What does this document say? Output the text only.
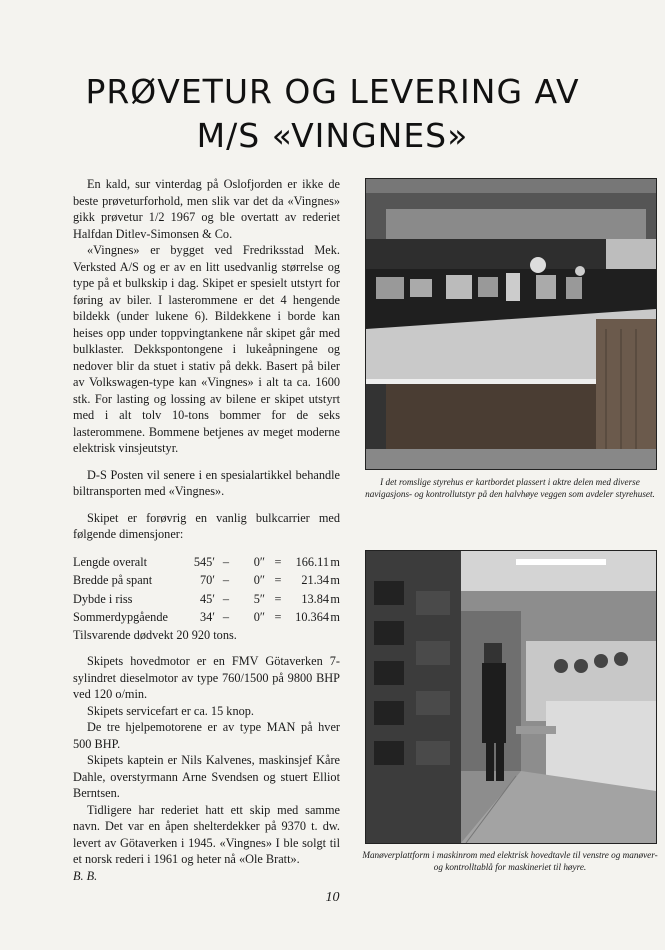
PRØVETUR OG LEVERING AV
M/S «VINGNES»

En kald, sur vinterdag på Oslofjorden er ikke de beste prøveturforhold, men slik var det da «Vingnes» gikk prøvetur 1/2 1967 og ble overtatt av rederiet Halfdan Ditlev-Simonsen & Co.

«Vingnes» er bygget ved Fredriksstad Mek. Verksted A/S og er av en litt usedvanlig størrelse og type på et bulkskip i dag. Skipet er spesielt utstyrt for føring av biler. I lasterommene er det 4 hengende bildekk (under lukene 6). Bildekkene i borde kan heises opp under toppvingtankene når skipet går med bulklaster. Dekkspontongene i lukeåpningene og nedover blir da stuet i stativ på dekk. Basert på biler av Volkswagen-type kan «Vingnes» i alt ta ca. 1600 stk. For lasting og lossing av bilene er skipet utstyrt med i alt tolv 10-tons bommer for de seks lasterommene. Bommene betjenes av meget moderne elektrisk vinsjeutstyr.

D-S Posten vil senere i en spesialartikkel behandle biltransporten med «Vingnes».

Skipet er forøvrig en vanlig bulkcarrier med følgende dimensjoner:

Lengde overalt	545′	–	0″	=	166.11	m
Bredde på spant	70′	–	0″	=	21.34	m
Dybde i riss	45′	–	5″	=	13.84	m
Sommerdypgående	34′	–	0″	=	10.364	m

Tilsvarende dødvekt 20 920 tons.

Skipets hovedmotor er en FMV Götaverken 7-sylindret dieselmotor av type 760/1500 på 9800 BHP ved 120 o/min.

Skipets servicefart er ca. 15 knop.

De tre hjelpemotorene er av type MAN på hver 500 BHP.

Skipets kaptein er Nils Kalvenes, maskinsjef Kåre Dahle, overstyrmann Arne Svendsen og stuert Elliot Berntsen.

Tidligere har rederiet hatt ett skip med samme navn. Det var en åpen shelterdekker på 9370 t. dw. levert av Götaverken i 1945. «Vingnes» I ble solgt til et norsk rederi i 1961 og heter nå «Ole Bratt».

B. B.

I det romslige styrehus er kartbordet plassert i aktre delen med diverse navigasjons- og kontrollutstyr på den halvhøye veggen som avdeler styrehuset.
Manøverplattform i maskinrom med elektrisk hovedtavle til venstre og manøver- og kontrolltablå for maskineriet til høyre.
10
